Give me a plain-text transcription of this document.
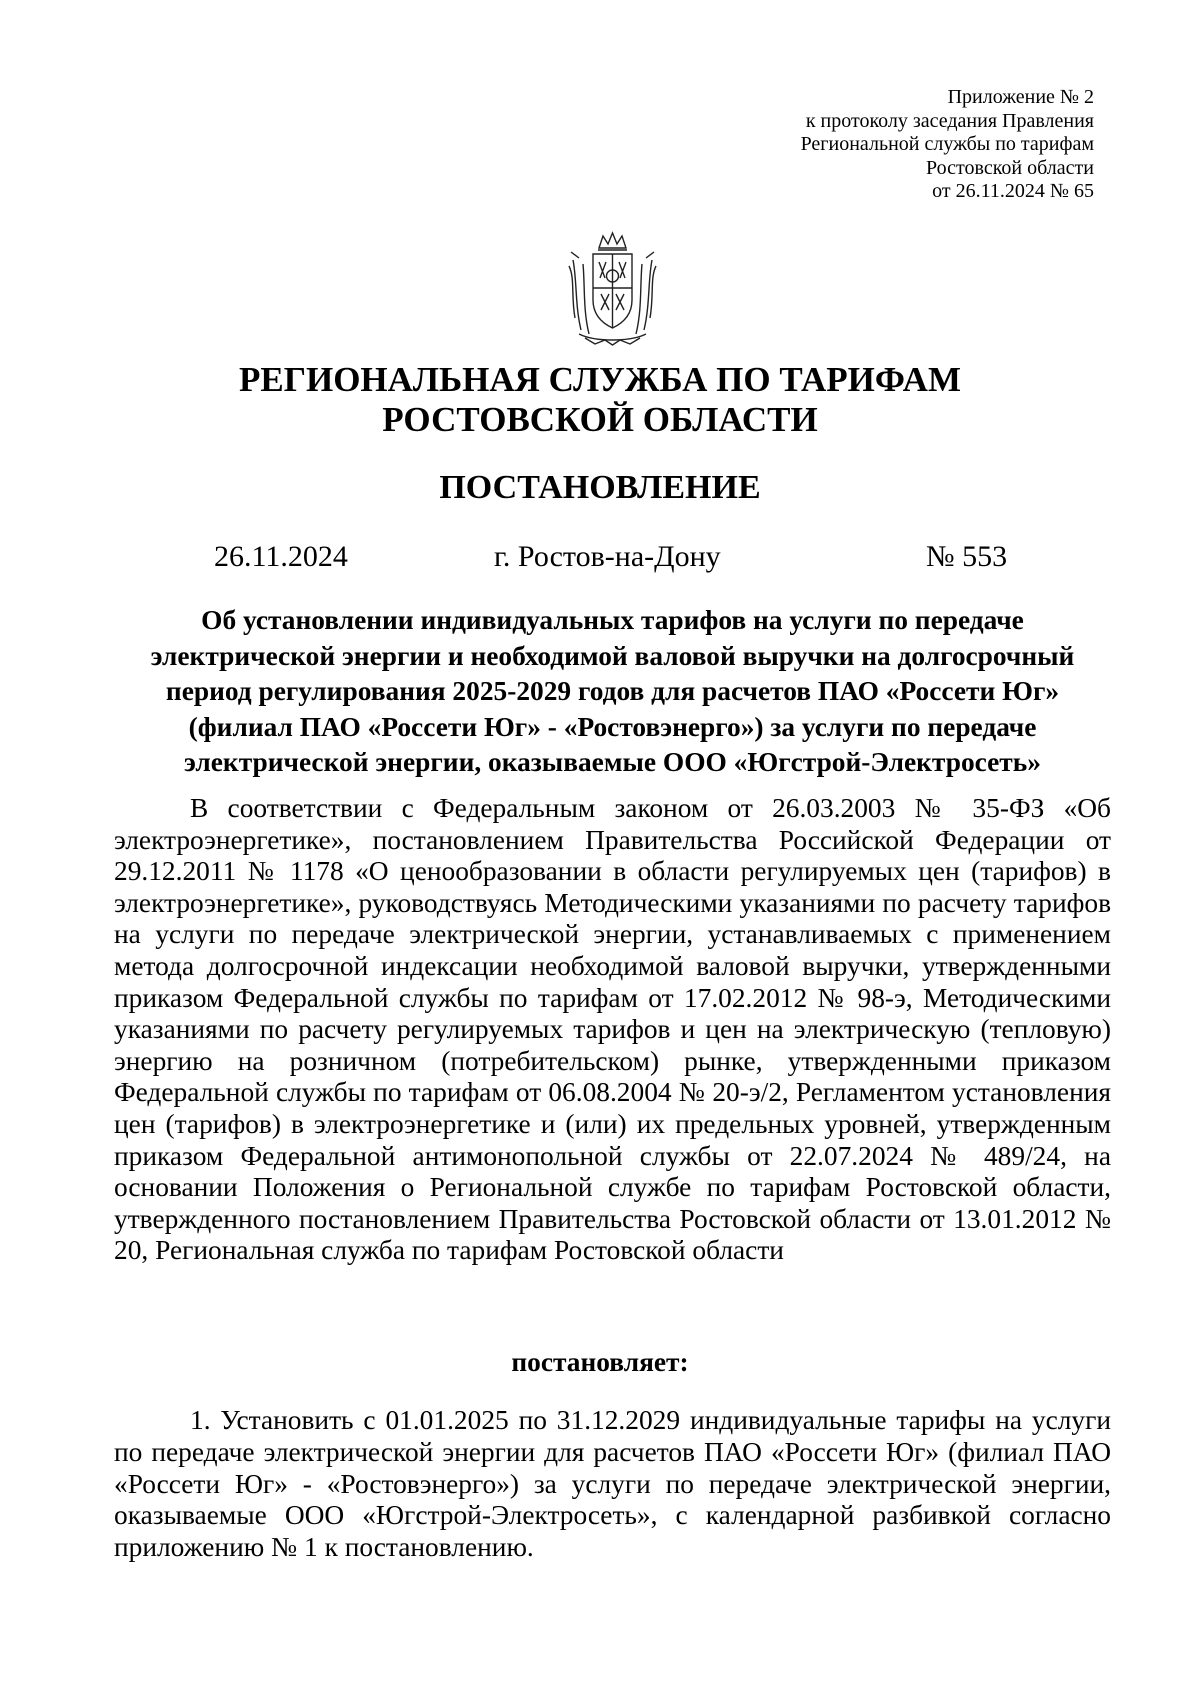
Приложение № 2
к протоколу заседания Правления
Региональной службы по тарифам
Ростовской области
от 26.11.2024 № 65
РЕГИОНАЛЬНАЯ СЛУЖБА ПО ТАРИФАМ
РОСТОВСКОЙ ОБЛАСТИ
ПОСТАНОВЛЕНИЕ
26.11.2024	г. Ростов-на-Дону	№ 553
Об установлении индивидуальных тарифов на услуги по передаче
электрической энергии и необходимой валовой выручки на долгосрочный
период регулирования 2025-2029 годов для расчетов ПАО «Россети Юг»
(филиал ПАО «Россети Юг» - «Ростовэнерго») за услуги по передаче
электрической энергии, оказываемые ООО «Югстрой-Электросеть»

В соответствии с Федеральным законом от 26.03.2003 № 35-ФЗ «Об электроэнергетике», постановлением Правительства Российской Федерации от 29.12.2011 № 1178 «О ценообразовании в области регулируемых цен (тарифов) в электроэнергетике», руководствуясь Методическими указаниями по расчету тарифов на услуги по передаче электрической энергии, устанавливаемых с применением метода долгосрочной индексации необходимой валовой выручки, утвержденными приказом Федеральной службы по тарифам от 17.02.2012 № 98-э, Методическими указаниями по расчету регулируемых тарифов и цен на электрическую (тепловую) энергию на розничном (потребительском) рынке, утвержденными приказом Федеральной службы по тарифам от 06.08.2004 № 20-э/2, Регламентом установления цен (тарифов) в электроэнергетике и (или) их предельных уровней, утвержденным приказом Федеральной антимонопольной службы от 22.07.2024 № 489/24, на основании Положения о Региональной службе по тарифам Ростовской области, утвержденного постановлением Правительства Ростовской области от 13.01.2012 № 20, Региональная служба по тарифам Ростовской области

постановляет:

1. Установить с 01.01.2025 по 31.12.2029 индивидуальные тарифы на услуги по передаче электрической энергии для расчетов ПАО «Россети Юг» (филиал ПАО «Россети Юг» - «Ростовэнерго») за услуги по передаче электрической энергии, оказываемые ООО «Югстрой-Электросеть», с календарной разбивкой согласно приложению № 1 к постановлению.
